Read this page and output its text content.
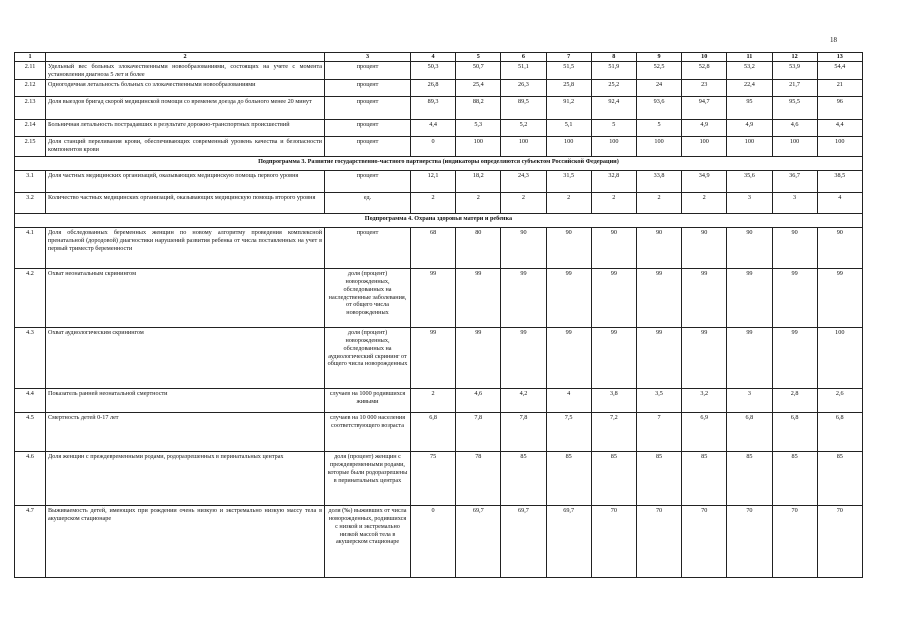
18
1	2	3	4	5	6	7	8	9	10	11	12	13
2.11	Удельный вес больных злокачественными новообразованиями, состоящих на учете с момента установления диагноза 5 лет и более	процент	50,3	50,7	51,1	51,5	51,9	52,5	52,8	53,2	53,9	54,4
2.12	Одногодичная летальность больных со злокачественными новообразованиями	процент	26,8	25,4	26,3	25,8	25,2	24	23	22,4	21,7	21
2.13	Доля выездов бригад скорой медицинской помощи со временем доезда до больного менее 20 минут	процент	89,3	88,2	89,5	91,2	92,4	93,6	94,7	95	95,5	96
2.14	Больничная летальность пострадавших в результате дорожно-транспортных происшествий	процент	4,4	5,3	5,2	5,1	5	5	4,9	4,9	4,6	4,4
2.15	Доля станций переливания крови, обеспечивающих современный уровень качества и безопасности компонентов крови	процент	0	100	100	100	100	100	100	100	100	100
Подпрограмма 3. Развитие государственно-частного партнерства (индикаторы определяются субъектом Российской Федерации)												
3.1	Доля частных медицинских организаций, оказывающих медицинскую помощь первого уровня	процент	12,1	18,2	24,3	31,5	32,8	33,8	34,9	35,6	36,7	38,5
3.2	Количество частных медицинских организаций, оказывающих медицинскую помощь второго уровня	ед.	2	2	2	2	2	2	2	3	3	4
Подпрограмма 4. Охрана здоровья матери и ребенка												
4.1	Доля обследованных беременных женщин по новому алгоритму проведения комплексной пренатальной (дородовой) диагностики нарушений развития ребенка от числа поставленных на учет в первый триместр беременности	процент	68	80	90	90	90	90	90	90	90	90
4.2	Охват неонатальным скринингом	доля (процент) новорожденных, обследованных на наследственные заболевания, от общего числа новорожденных	99	99	99	99	99	99	99	99	99	99
4.3	Охват аудиологическим скринингом	доля (процент) новорожденных, обследованных на аудиологический скрининг от общего числа новорожденных	99	99	99	99	99	99	99	99	99	100
4.4	Показатель ранней неонатальной смертности	случаев на 1000 родившихся живыми	2	4,6	4,2	4	3,8	3,5	3,2	3	2,8	2,6
4.5	Смертность детей 0-17 лет	случаев на 10 000 населения соответствующего возраста	6,8	7,8	7,8	7,5	7,2	7	6,9	6,8	6,8	6,8
4.6	Доля женщин с преждевременными родами, родоразрешенных в перинатальных центрах	доля (процент) женщин с преждевременными родами, которые были родоразрешены в перинатальных центрах	75	78	85	85	85	85	85	85	85	85
4.7	Выживаемость детей, имеющих при рождении очень низкую и экстремально низкую массу тела в акушерском стационаре	доля (‰) выживших от числа новорожденных, родившихся с низкой и экстремально низкой массой тела в акушерском стационаре	0	69,7	69,7	69,7	70	70	70	70	70	70
